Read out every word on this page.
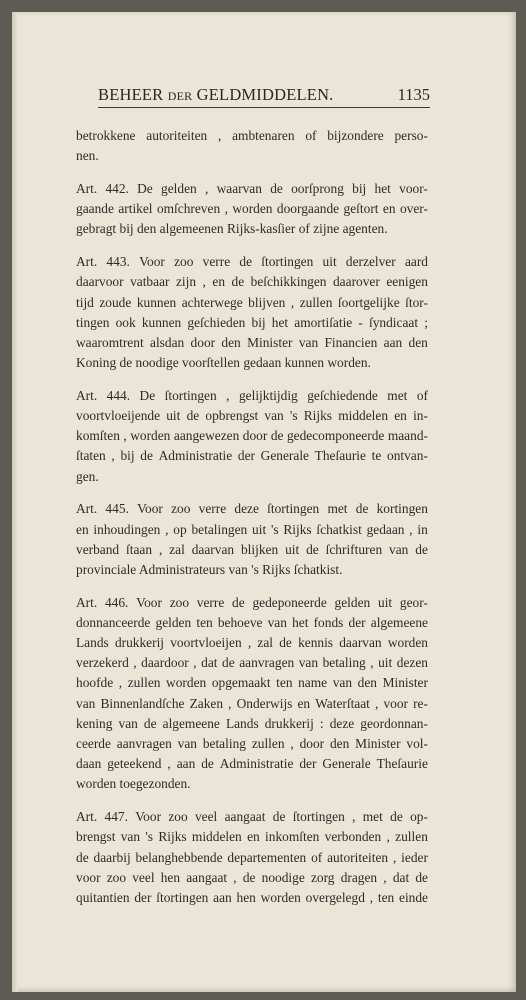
BEHEER DER GELDMIDDELEN.	1135
betrokkene autoriteiten , ambtenaren of bijzondere perso-
nen.
Art. 442. De gelden , waarvan de oorſprong bij het voor-
gaande artikel omſchreven , worden doorgaande geſtort en over-
gebragt bij den algemeenen Rijks-kasſier of zijne agenten.
Art. 443. Voor zoo verre de ſtortingen uit derzelver aard
daarvoor vatbaar zijn , en de beſchikkingen daarover eenigen
tijd zoude kunnen achterwege blijven , zullen ſoortgelijke ſtor-
tingen ook kunnen geſchieden bij het amortiſatie - ſyndicaat ;
waaromtrent alsdan door den Minister van Financien aan den
Koning de noodige voorſtellen gedaan kunnen worden.
Art. 444. De ſtortingen , gelijktijdig geſchiedende met of
voortvloeijende uit de opbrengst van 's Rijks middelen en in-
komſten , worden aangewezen door de gedecomponeerde maand-
ſtaten , bij de Administratie der Generale Theſaurie te ontvan-
gen.
Art. 445. Voor zoo verre deze ſtortingen met de kortingen
en inhoudingen , op betalingen uit 's Rijks ſchatkist gedaan , in
verband ſtaan , zal daarvan blijken uit de ſchrifturen van de
provinciale Administrateurs van 's Rijks ſchatkist.
Art. 446. Voor zoo verre de gedeponeerde gelden uit geor-
donnanceerde gelden ten behoeve van het fonds der algemeene
Lands drukkerij voortvloeijen , zal de kennis daarvan worden
verzekerd , daardoor , dat de aanvragen van betaling , uit dezen
hoofde , zullen worden opgemaakt ten name van den Minister
van Binnenlandſche Zaken , Onderwijs en Waterſtaat , voor re-
kening van de algemeene Lands drukkerij : deze geordonnan-
ceerde aanvragen van betaling zullen , door den Minister vol-
daan geteekend , aan de Administratie der Generale Theſaurie
worden toegezonden.
Art. 447. Voor zoo veel aangaat de ſtortingen , met de op-
brengst van 's Rijks middelen en inkomſten verbonden , zullen
de daarbij belanghebbende departementen of autoriteiten , ieder
voor zoo veel hen aangaat , de noodige zorg dragen , dat de
quitantien der ſtortingen aan hen worden overgelegd , ten einde
